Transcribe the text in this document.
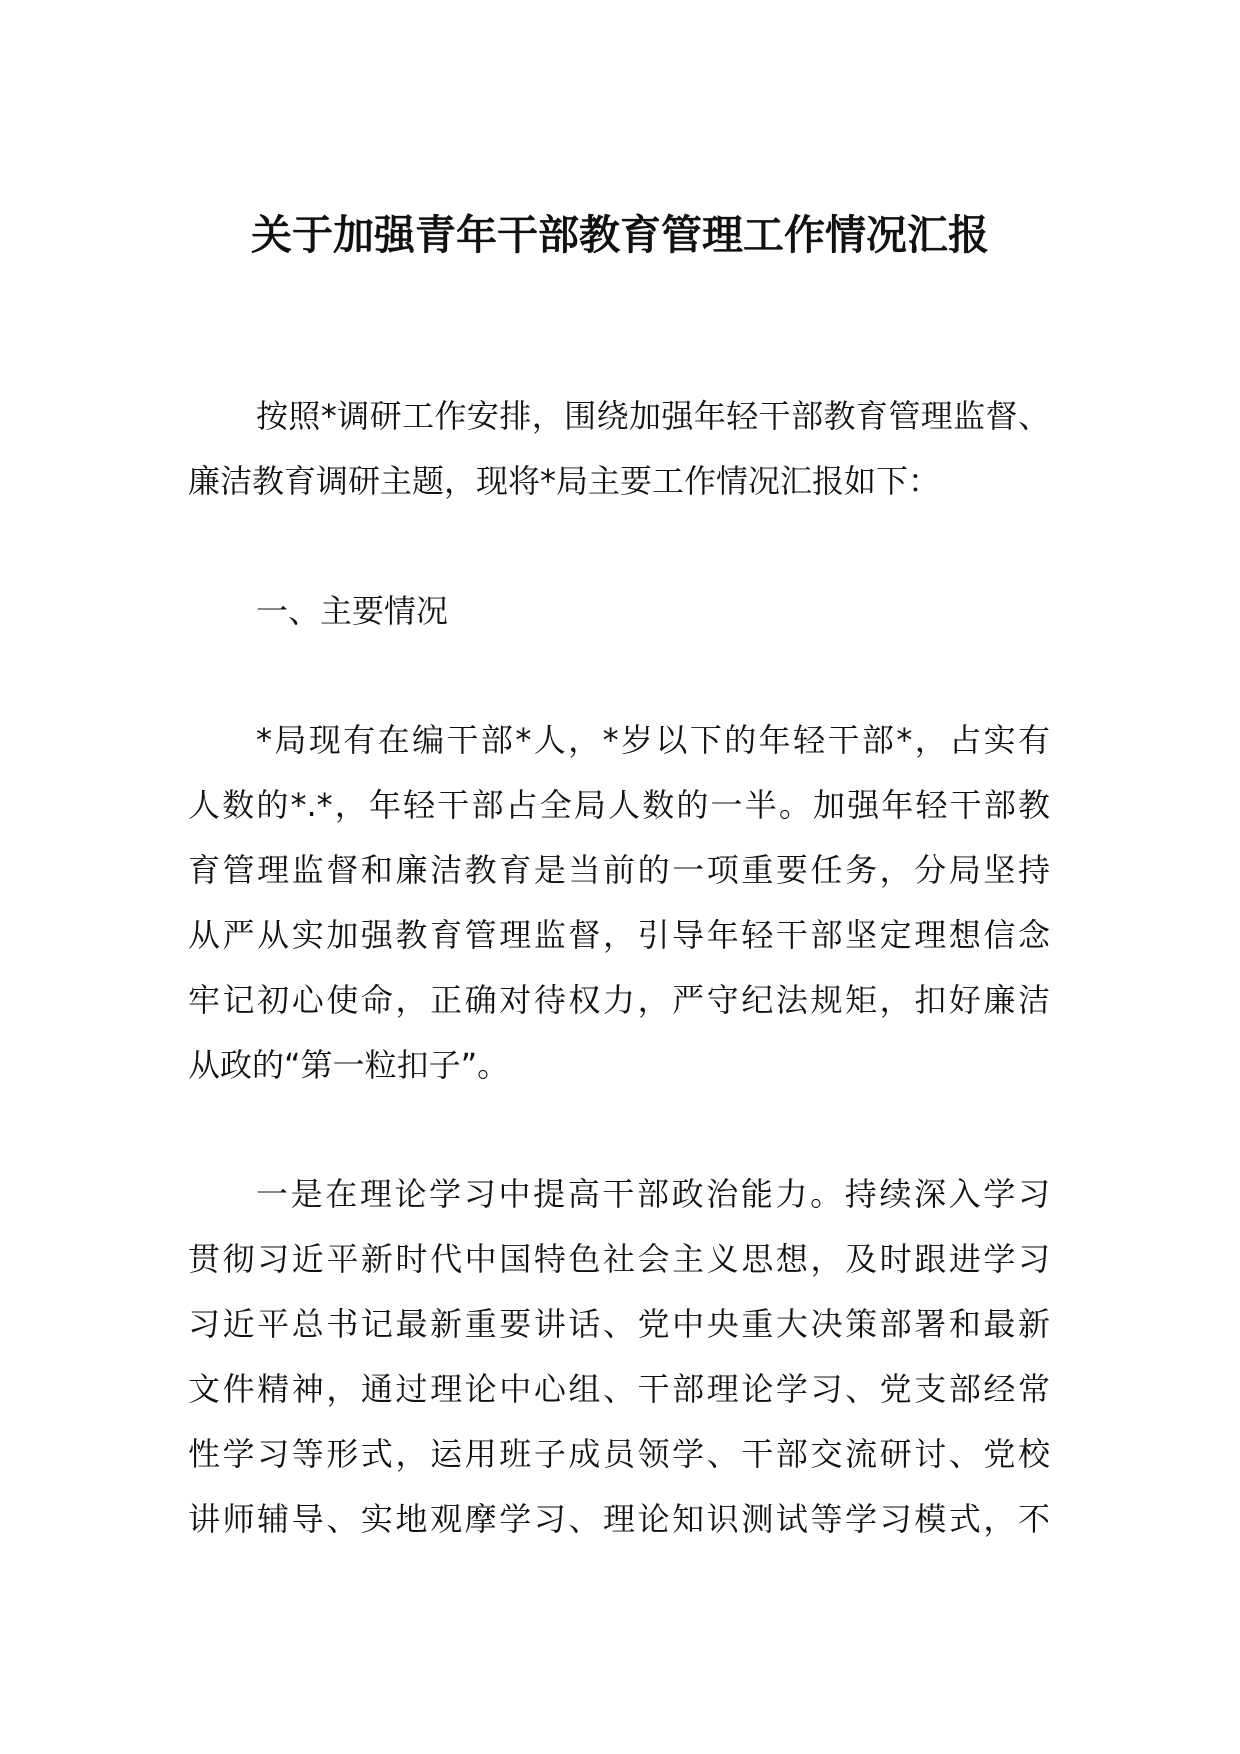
关于加强青年干部教育管理工作情况汇报
按照*调研工作安排，围绕加强年轻干部教育管理监督、
廉洁教育调研主题，现将*局主要工作情况汇报如下：
一、主要情况
*局现有在编干部*人，*岁以下的年轻干部*，占实有
人数的*.*，年轻干部占全局人数的一半。加强年轻干部教
育管理监督和廉洁教育是当前的一项重要任务，分局坚持
从严从实加强教育管理监督，引导年轻干部坚定理想信念
牢记初心使命，正确对待权力，严守纪法规矩，扣好廉洁
从政的“第一粒扣子”。
一是在理论学习中提高干部政治能力。持续深入学习
贯彻习近平新时代中国特色社会主义思想，及时跟进学习
习近平总书记最新重要讲话、党中央重大决策部署和最新
文件精神，通过理论中心组、干部理论学习、党支部经常
性学习等形式，运用班子成员领学、干部交流研讨、党校
讲师辅导、实地观摩学习、理论知识测试等学习模式，不
